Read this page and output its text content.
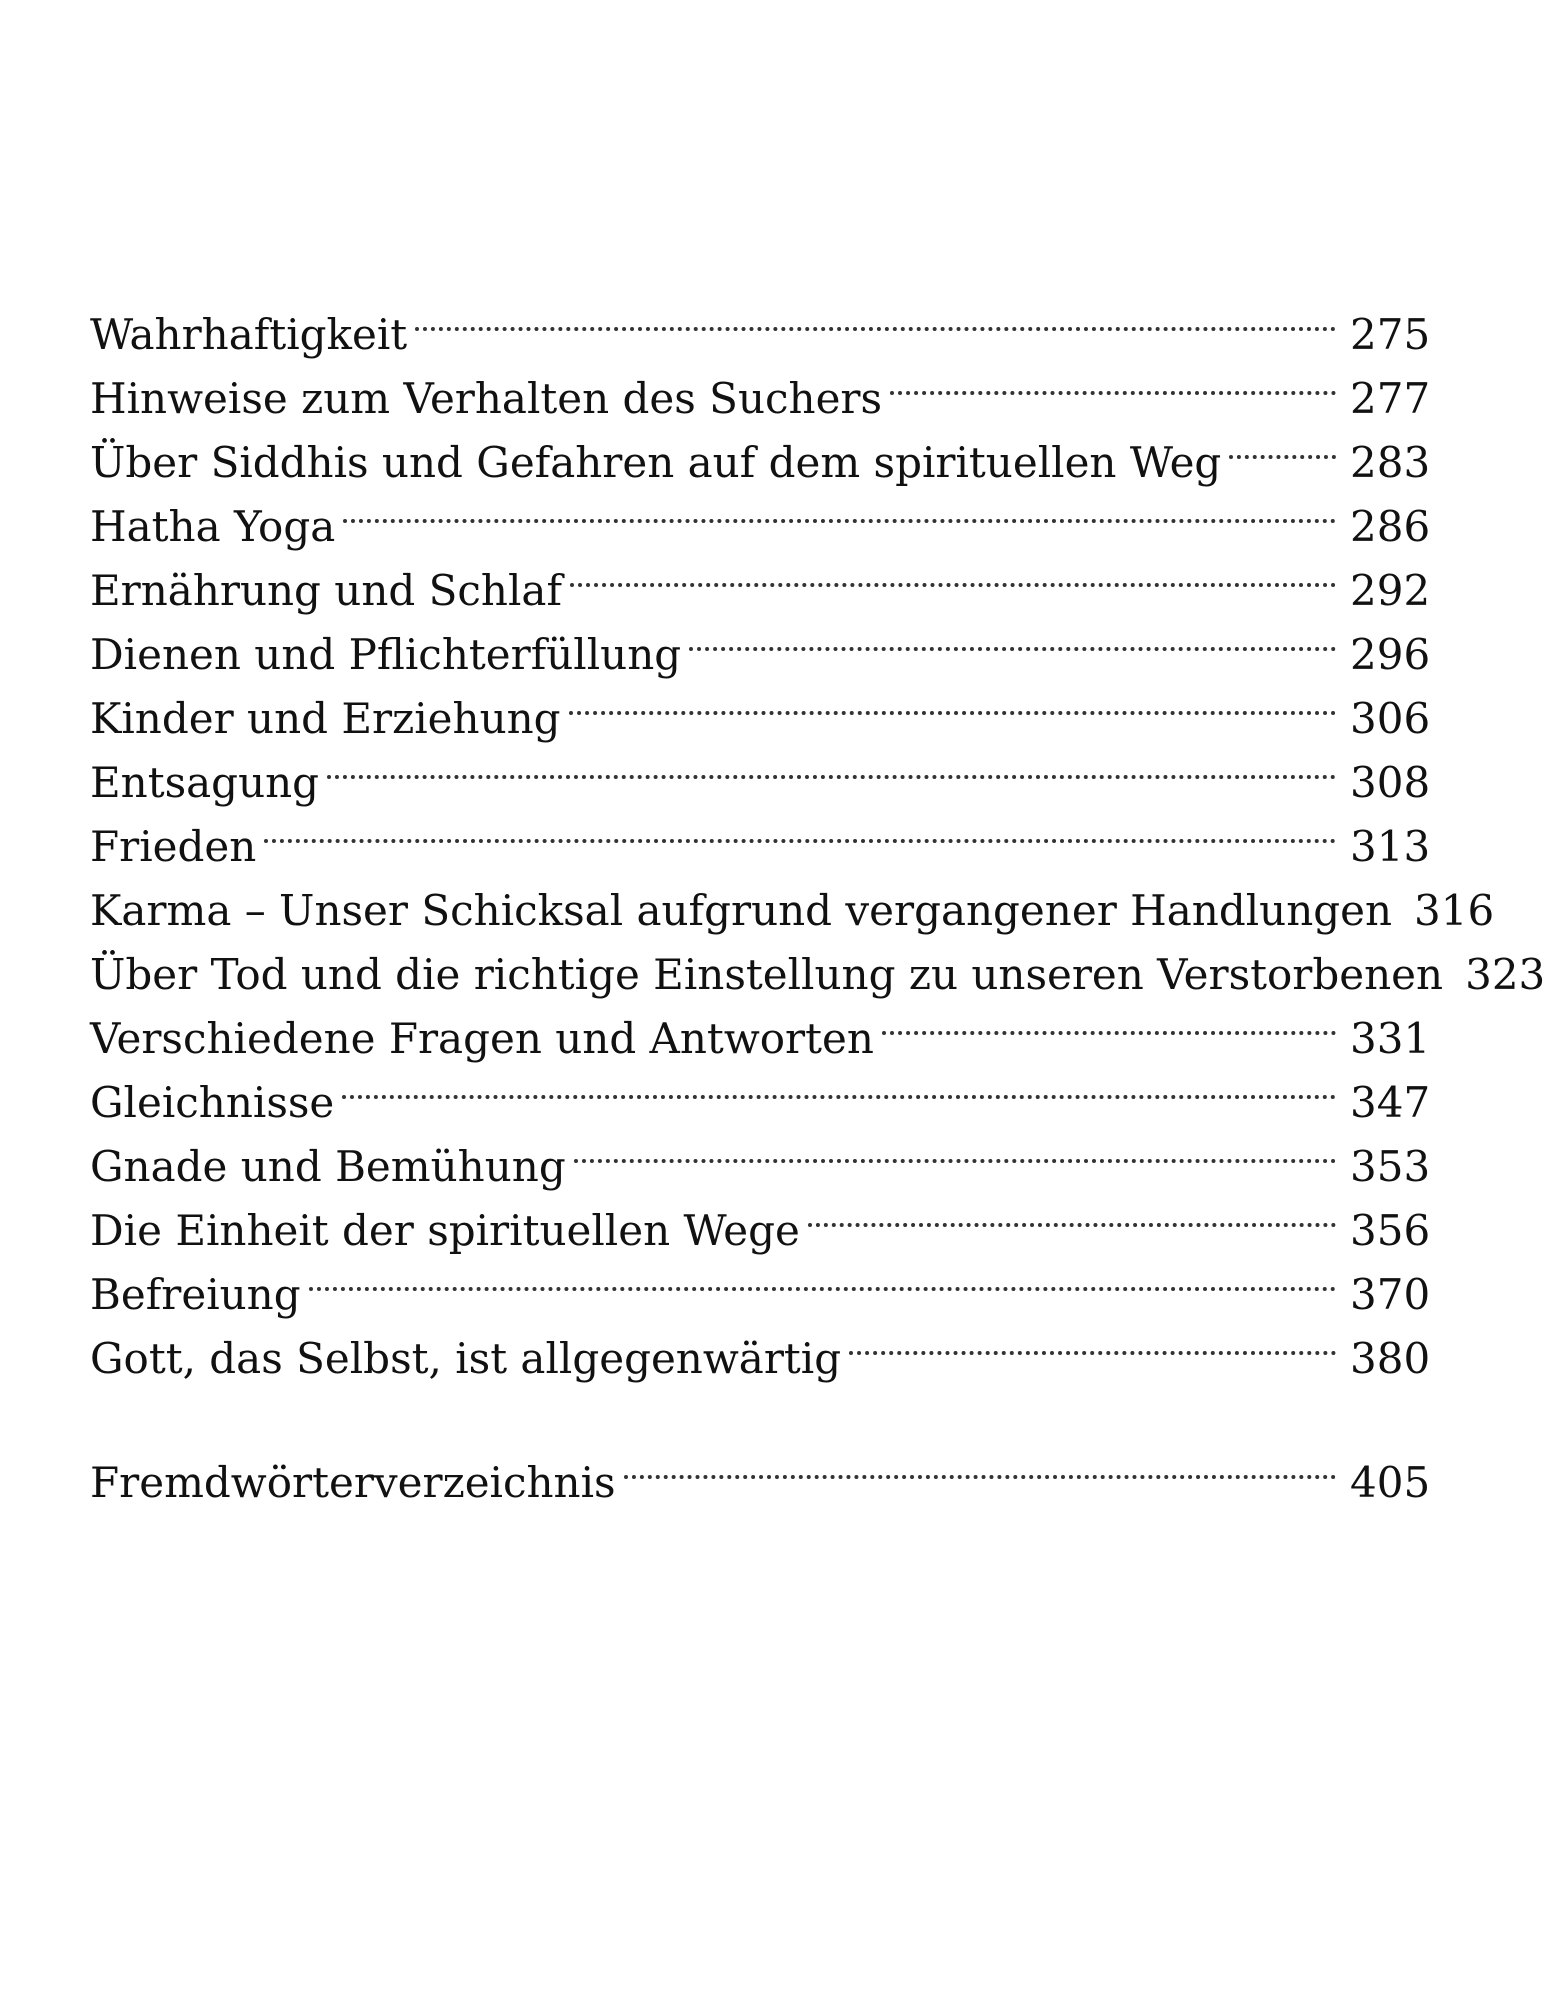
Wahrhaftigkeit	275
Hinweise zum Verhalten des Suchers	277
Über Siddhis und Gefahren auf dem spirituellen Weg	283
Hatha Yoga	286
Ernährung und Schlaf	292
Dienen und Pflichterfüllung	296
Kinder und Erziehung	306
Entsagung	308
Frieden	313
Karma – Unser Schicksal aufgrund vergangener Handlungen 316
Über Tod und die richtige Einstellung zu unseren Verstorbenen 323
Verschiedene Fragen und Antworten	331
Gleichnisse	347
Gnade und Bemühung	353
Die Einheit der spirituellen Wege	356
Befreiung	370
Gott, das Selbst, ist allgegenwärtig	380
Fremdwörterverzeichnis	405
